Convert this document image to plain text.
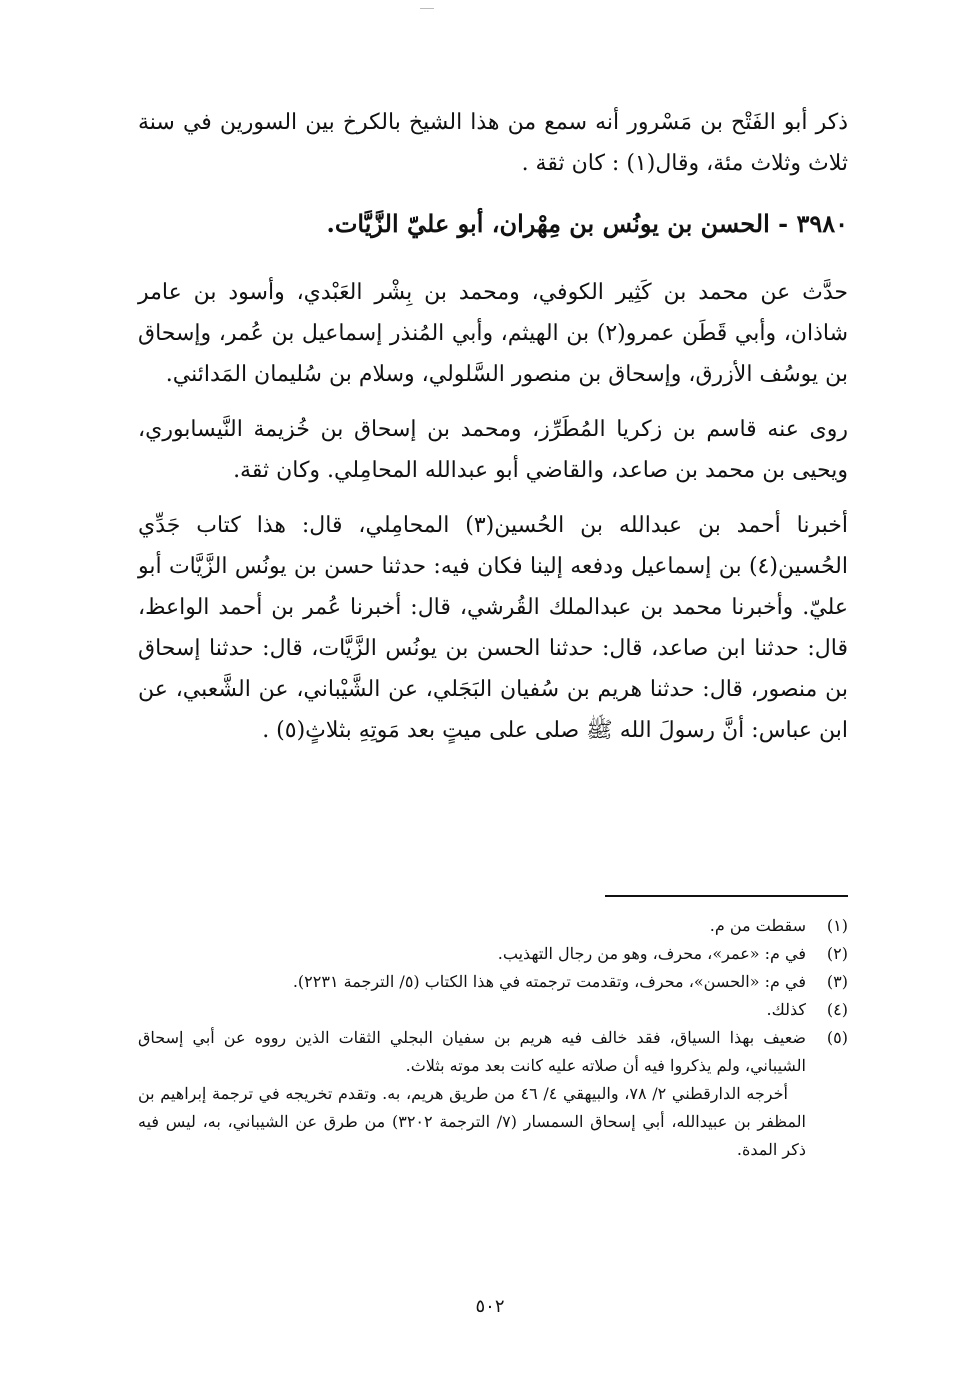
ذكر أبو الفَتْح بن مَسْرور أنه سمع من هذا الشيخ بالكرخ بين السورين في سنة ثلاث وثلاث مئة، وقال(١) : كان ثقة .

٣٩٨٠ - الحسن بن يونُس بن مِهْران، أبو عليّ الزَّيَّات.

حدَّث عن محمد بن كَثِير الكوفي، ومحمد بن بِشْر العَبْدي، وأسود بن عامر شاذان، وأبي قَطَن عمرو(٢) بن الهيثم، وأبي المُنذر إسماعيل بن عُمر، وإسحاق بن يوسُف الأزرق، وإسحاق بن منصور السَّلولي، وسلام بن سُليمان المَدائني.

روى عنه قاسم بن زكريا المُطَرِّز، ومحمد بن إسحاق بن خُزيمة النَّيسابوري، ويحيى بن محمد بن صاعد، والقاضي أبو عبدالله المحامِلي. وكان ثقة.

أخبرنا أحمد بن عبدالله بن الحُسين(٣) المحامِلي، قال: هذا كتاب جَدِّي الحُسين(٤) بن إسماعيل ودفعه إلينا فكان فيه: حدثنا حسن بن يونُس الزَّيَّات أبو عليّ. وأخبرنا محمد بن عبدالملك القُرشي، قال: أخبرنا عُمر بن أحمد الواعظ، قال: حدثنا ابن صاعد، قال: حدثنا الحسن بن يونُس الزَّيَّات، قال: حدثنا إسحاق بن منصور، قال: حدثنا هريم بن سُفيان البَجَلي، عن الشَّيْباني، عن الشَّعبي، عن ابن عباس: أنَّ رسولَ الله ﷺ صلى على ميتٍ بعد مَوتِهِ بثلاثٍ(٥) .

(١)

سقطت من م.

(٢)

في م: «عمر»، محرف، وهو من رجال التهذيب.

(٣)

في م: «الحسن»، محرف، وتقدمت ترجمته في هذا الكتاب (٥/ الترجمة ٢٢٣١).

(٤)

كذلك.

(٥)

ضعيف بهذا السياق، فقد خالف فيه هريم بن سفيان البجلي الثقات الذين رووه عن أبي إسحاق الشيباني، ولم يذكروا فيه أن صلاته عليه كانت بعد موته بثلاث.

أخرجه الدارقطني ٢/ ٧٨، والبيهقي ٤/ ٤٦ من طريق هريم، به. وتقدم تخريجه في ترجمة إبراهيم بن المظفر بن عبيدالله، أبي إسحاق السمسار (٧/ الترجمة ٣٢٠٢) من طرق عن الشيباني، به، ليس فيه ذكر المدة.

٥٠٢
